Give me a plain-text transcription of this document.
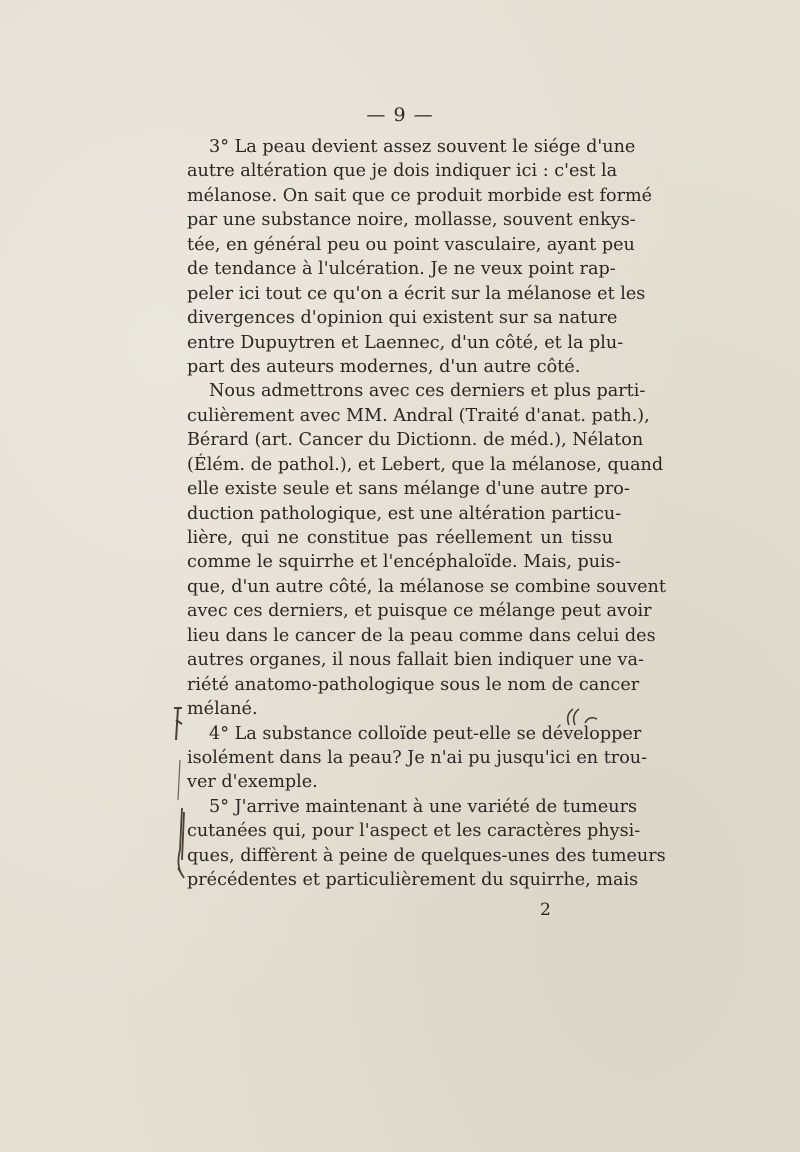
— 9 —
3° La peau devient assez souvent le siége d'une
autre altération que je dois indiquer ici : c'est la
mélanose. On sait que ce produit morbide est formé
par une substance noire, mollasse, souvent enkys-
tée, en général peu ou point vasculaire, ayant peu
de tendance à l'ulcération. Je ne veux point rap-
peler ici tout ce qu'on a écrit sur la mélanose et les
divergences d'opinion qui existent sur sa nature
entre Dupuytren et Laennec, d'un côté, et la plu-
part des auteurs modernes, d'un autre côté.
Nous admettrons avec ces derniers et plus parti-
culièrement avec MM. Andral (Traité d'anat. path.),
Bérard (art. Cancer du Dictionn. de méd.), Nélaton
(Élém. de pathol.), et Lebert, que la mélanose, quand
elle existe seule et sans mélange d'une autre pro-
duction pathologique, est une altération particu-
lière, qui ne constitue pas réellement un tissu
comme le squirrhe et l'encéphaloïde. Mais, puis-
que, d'un autre côté, la mélanose se combine souvent
avec ces derniers, et puisque ce mélange peut avoir
lieu dans le cancer de la peau comme dans celui des
autres organes, il nous fallait bien indiquer une va-
riété anatomo-pathologique sous le nom de cancer
mélané.
4° La substance colloïde peut-elle se développer
isolément dans la peau? Je n'ai pu jusqu'ici en trou-
ver d'exemple.
5° J'arrive maintenant à une variété de tumeurs
cutanées qui, pour l'aspect et les caractères physi-
ques, diffèrent à peine de quelques-unes des tumeurs
précédentes et particulièrement du squirrhe, mais
2
